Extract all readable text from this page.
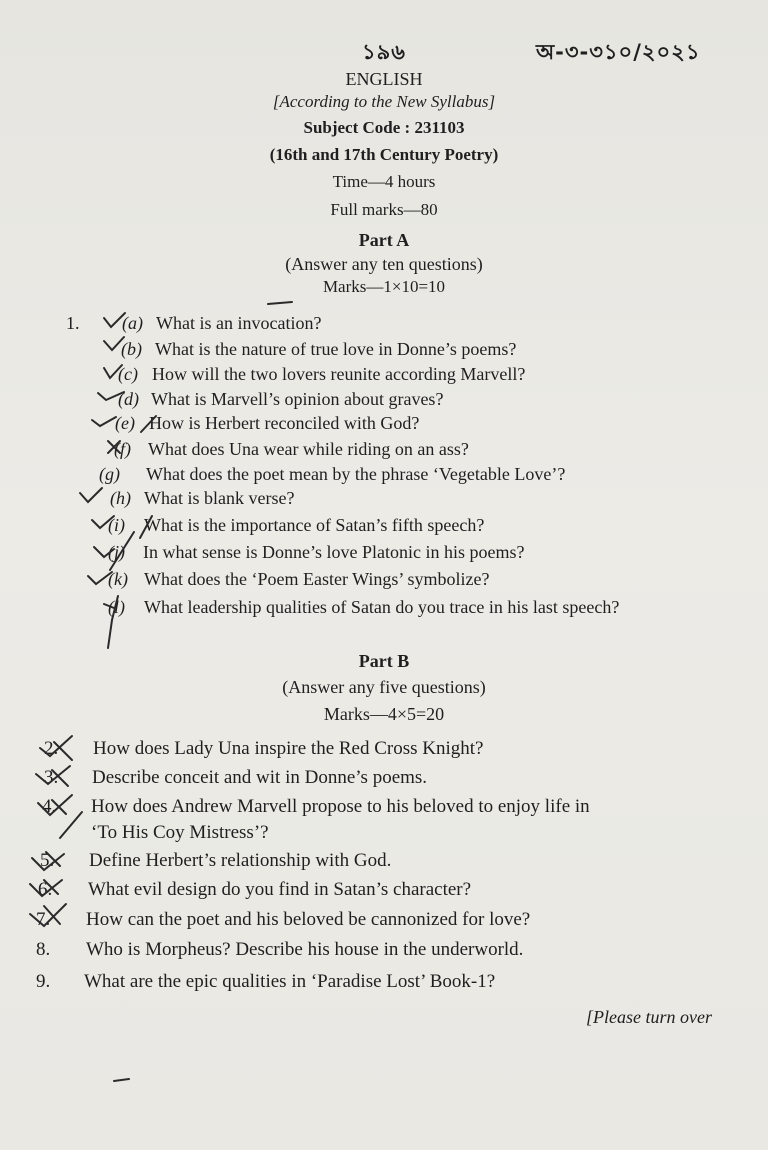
১৯৬	অ-৩-৩১০/২০২১
ENGLISH
[According to the New Syllabus]
Subject Code : 231103
(16th and 17th Century Poetry)
Time—4 hours
Full marks—80
Part A
(Answer any ten questions)
Marks—1×10=10
1. (a) What is an invocation?
(b) What is the nature of true love in Donne’s poems?
(c) How will the two lovers reunite according Marvell?
(d) What is Marvell’s opinion about graves?
(e) How is Herbert reconciled with God?
(f) What does Una wear while riding on an ass?
(g) What does the poet mean by the phrase ‘Vegetable Love’?
(h) What is blank verse?
(i) What is the importance of Satan’s fifth speech?
(j) In what sense is Donne’s love Platonic in his poems?
(k) What does the ‘Poem Easter Wings’ symbolize?
(l) What leadership qualities of Satan do you trace in his last speech?
Part B
(Answer any five questions)
Marks—4×5=20
2. How does Lady Una inspire the Red Cross Knight?
3. Describe conceit and wit in Donne’s poems.
4. How does Andrew Marvell propose to his beloved to enjoy life in
‘To His Coy Mistress’?
5. Define Herbert’s relationship with God.
6. What evil design do you find in Satan’s character?
7. How can the poet and his beloved be cannonized for love?
8. Who is Morpheus? Describe his house in the underworld.
9. What are the epic qualities in ‘Paradise Lost’ Book-1?
[Please turn over
